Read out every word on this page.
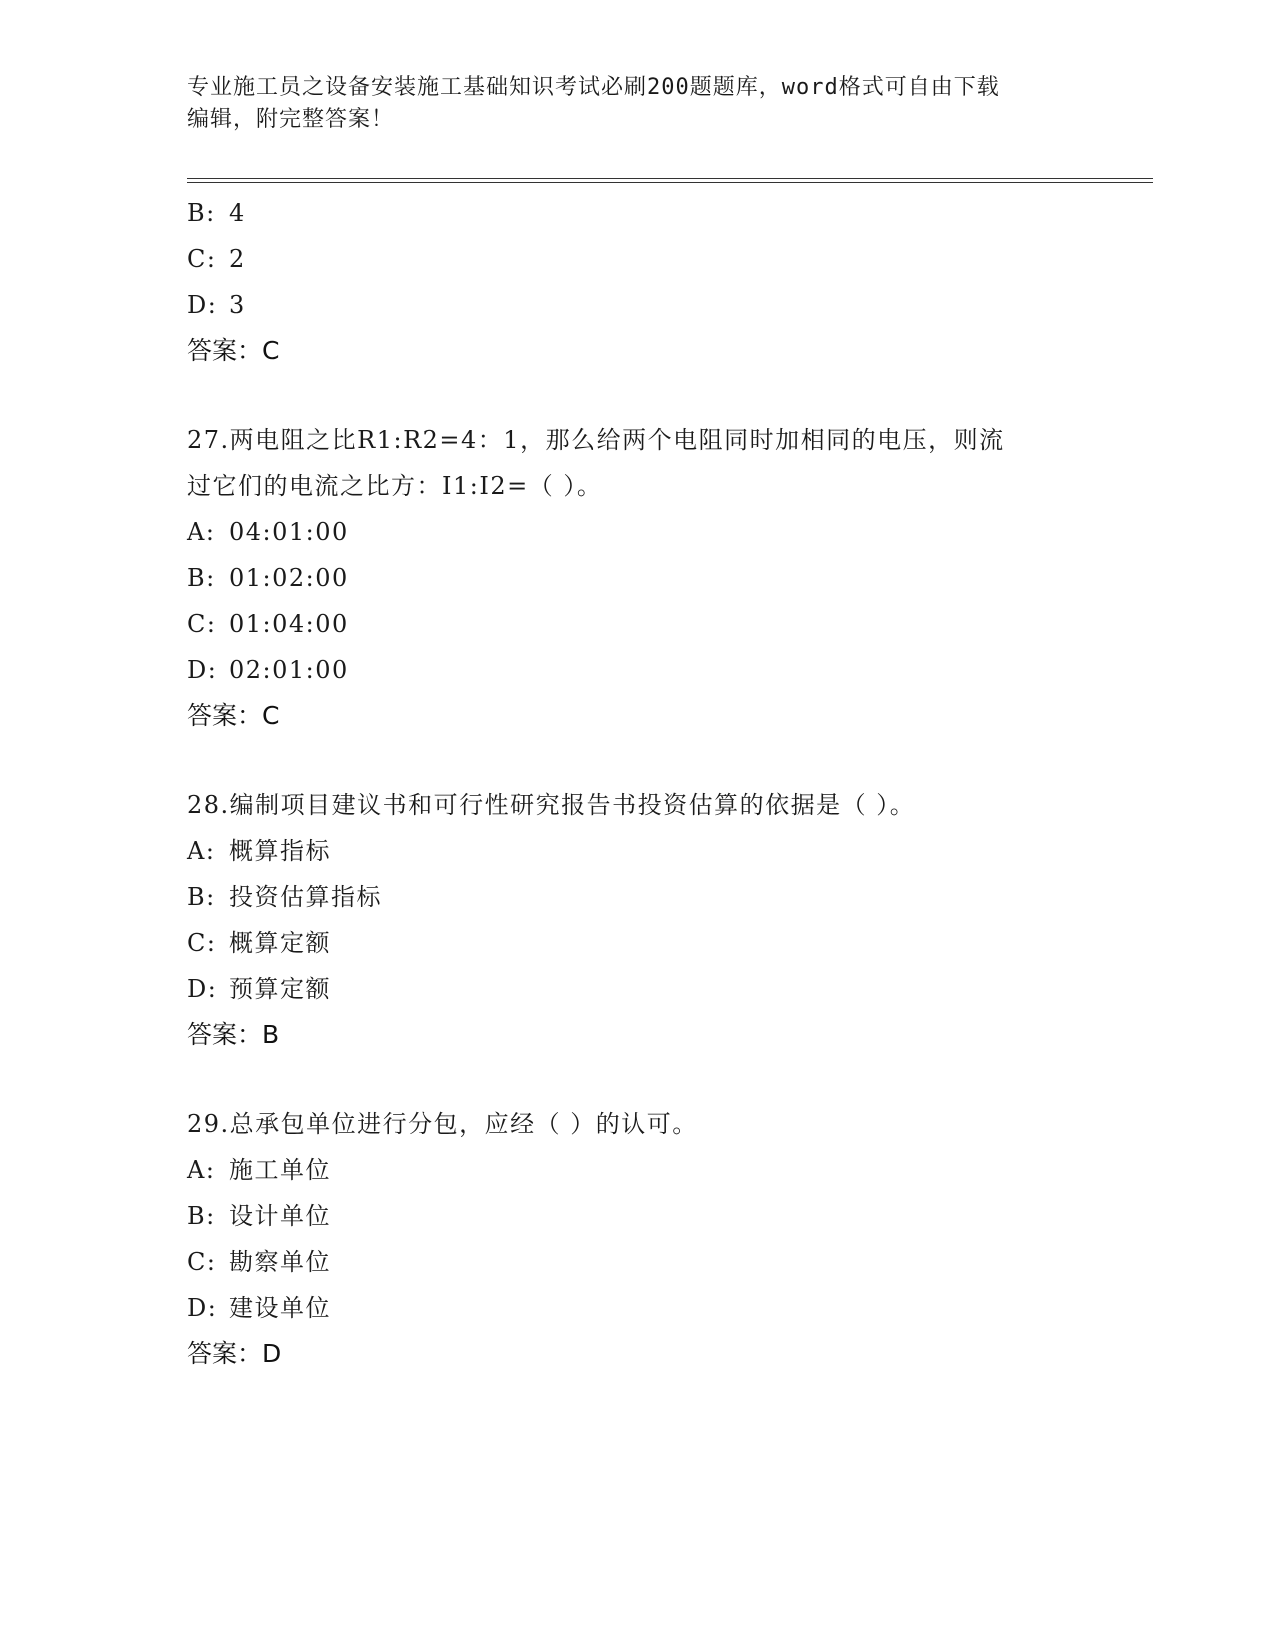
专业施工员之设备安装施工基础知识考试必刷200题题库，word格式可自由下载
编辑，附完整答案！
B: 4
C: 2
D: 3
答案：C
27.两电阻之比R1:R2=4：1，那么给两个电阻同时加相同的电压，则流
过它们的电流之比方：I1:I2=（ ）。
A: 04:01:00
B: 01:02:00
C: 01:04:00
D: 02:01:00
答案：C
28.编制项目建议书和可行性研究报告书投资估算的依据是（ ）。
A: 概算指标
B: 投资估算指标
C: 概算定额
D: 预算定额
答案：B
29.总承包单位进行分包，应经（ ）的认可。
A: 施工单位
B: 设计单位
C: 勘察单位
D: 建设单位
答案：D
